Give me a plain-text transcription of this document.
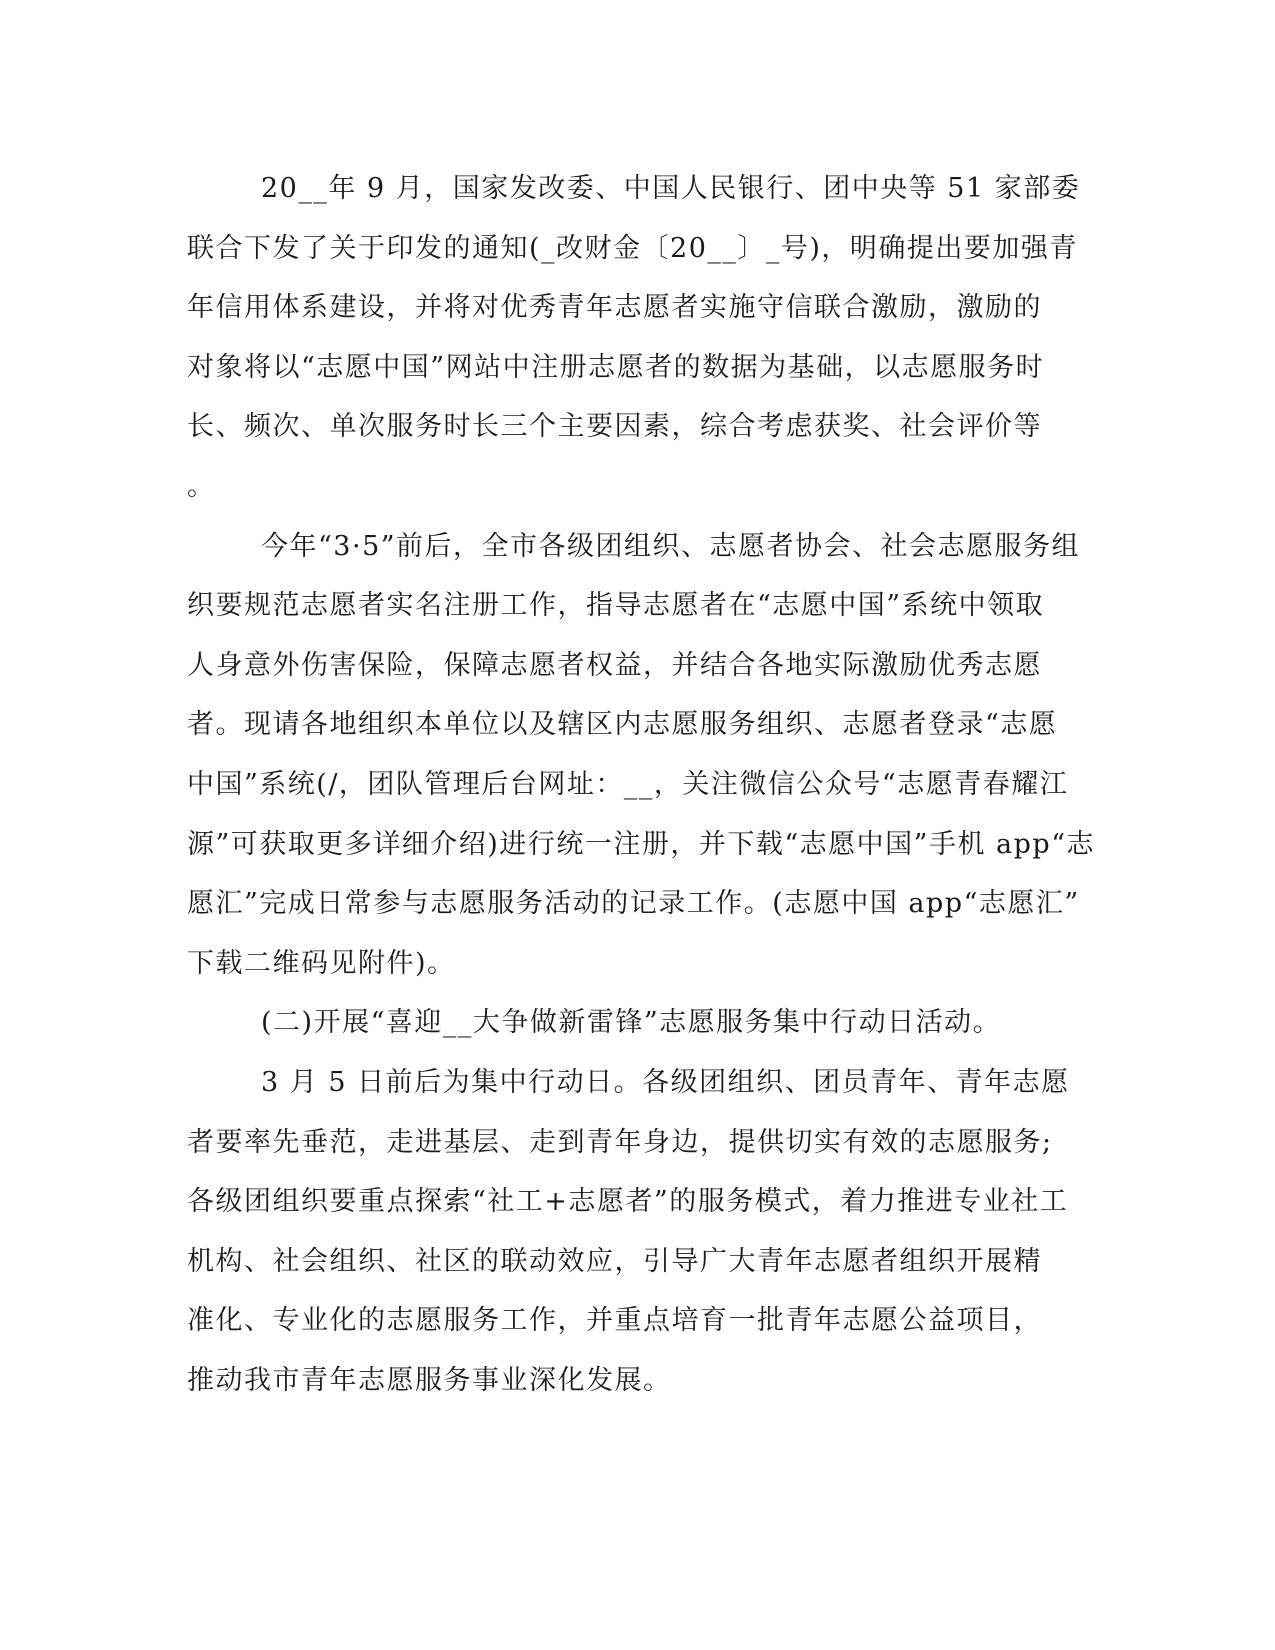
20__年 9 月，国家发改委、中国人民银行、团中央等 51 家部委
联合下发了关于印发的通知(_改财金〔20__〕_号)，明确提出要加强青
年信用体系建设，并将对优秀青年志愿者实施守信联合激励，激励的
对象将以“志愿中国”网站中注册志愿者的数据为基础，以志愿服务时
长、频次、单次服务时长三个主要因素，综合考虑获奖、社会评价等
。
今年“3·5”前后，全市各级团组织、志愿者协会、社会志愿服务组
织要规范志愿者实名注册工作，指导志愿者在“志愿中国”系统中领取
人身意外伤害保险，保障志愿者权益，并结合各地实际激励优秀志愿
者。现请各地组织本单位以及辖区内志愿服务组织、志愿者登录“志愿
中国”系统(/，团队管理后台网址：__，关注微信公众号“志愿青春耀江
源”可获取更多详细介绍)进行统一注册，并下载“志愿中国”手机 app“志
愿汇”完成日常参与志愿服务活动的记录工作。(志愿中国 app“志愿汇”
下载二维码见附件)。
(二)开展“喜迎__大争做新雷锋”志愿服务集中行动日活动。
3 月 5 日前后为集中行动日。各级团组织、团员青年、青年志愿
者要率先垂范，走进基层、走到青年身边，提供切实有效的志愿服务;
各级团组织要重点探索“社工+志愿者”的服务模式，着力推进专业社工
机构、社会组织、社区的联动效应，引导广大青年志愿者组织开展精
准化、专业化的志愿服务工作，并重点培育一批青年志愿公益项目，
推动我市青年志愿服务事业深化发展。
